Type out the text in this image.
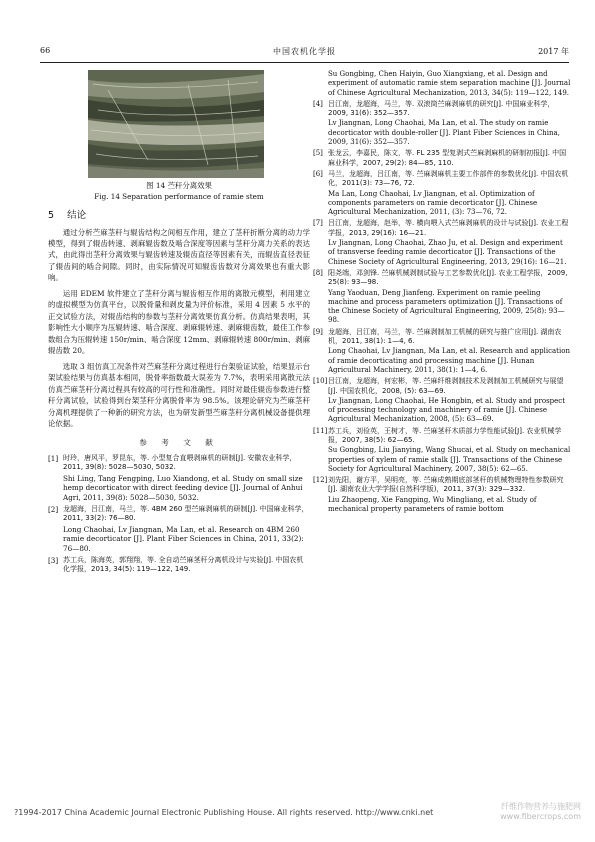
66	中国农机化学报	2017 年
图 14 苎秆分离效果
Fig. 14 Separation performance of ramie stem
5 结论

通过分析苎麻茎秆与辊齿结构之间相互作用，建立了茎秆折断分离的动力学模型，得到了辊齿转速、剥麻辊齿数及啮合深度等因素与茎秆分离力关系的表达式，由此得出茎秆分离效果与辊齿转速及辊齿直径等因素有关，而辊齿直径表征了辊齿间的啮合间隙。同时，由实际情况可知辊齿齿数对分离效果也有重大影响。

运用 EDEM 软件建立了茎秆分离与辊齿相互作用的离散元模型，利用建立的虚拟模型为仿真平台，以脱骨量和剥皮量为评价标准，采用 4 因素 5 水平的正交试验方法，对辊齿结构的参数与茎秆分离效果仿真分析。仿真结果表明，其影响性大小顺序为压辊转速、啮合深度、剥麻辊转速、剥麻辊齿数，最佳工作参数组合为压辊转速 150r/min、啮合深度 12mm、剥麻辊转速 800r/min、剥麻辊齿数 20。

选取 3 组仿真工况条件对苎麻茎秆分离过程进行台架验证试验，结果显示台架试验结果与仿真基本相同，脱骨率指数最大误差为 7.7%，表明采用离散元法仿真苎麻茎秆分离过程具有较高的可行性和准确性。同时对最佳辊齿参数进行整秆分离试验，试验得到台架茎秆分离脱骨率为 98.5%。该理论研究为苎麻茎秆分离机理提供了一种新的研究方法，也为研发新型苎麻茎秆分离机械设备提供理论依据。

参 考 文 献
[1] 时玲，唐风平，罗昆东，等. 小型复合直喂剥麻机的研制[J]. 安徽农业科学，2011, 39(8): 5028—5030, 5032.
Shi Ling, Tang Fengping, Luo Xiandong, et al. Study on small size hemp decorticator with direct feeding device [J]. Journal of Anhui Agri, 2011, 39(8): 5028—5030, 5032.
[2] 龙超海，吕江南，马兰，等. 4BM 260 型苎麻剥麻机的研制[J]. 中国麻业科学，2011, 33(2): 76—80.
Long Chaohai, Lv Jiangnan, Ma Lan, et al. Research on 4BM 260 ramie decorticator [J]. Plant Fiber Sciences in China, 2011, 33(2): 76—80.
[3] 苏工兵，陈海英，郭翔翔，等. 全自动苎麻茎秆分离机设计与实验[J]. 中国农机化学报，2013, 34(5): 119—122, 149.
Su Gongbing, Chen Haiyin, Guo Xiangxiang, et al. Design and experiment of automatic ramie stem separation machine [J]. Journal of Chinese Agricultural Mechanization, 2013, 34(5): 119—122, 149.
[4] 吕江南，龙超海，马兰，等. 双滚筒苎麻剥麻机的研究[J]. 中国麻业科学，2009, 31(6): 352—357.
Lv Jiangnan, Long Chaohai, Ma Lan, et al. The study on ramie decorticator with double-roller [J]. Plant Fiber Sciences in China, 2009, 31(6): 352—357.
[5] 张龙云，李嘉民，陈文，等. FL 235 型复剥式苎麻剥麻机的研制初报[J]. 中国麻业科学，2007, 29(2): 84—85, 110.
[6] 马兰，龙超海，吕江南，等. 苎麻剥麻机主要工作部件的参数优化[J]. 中国农机化，2011(3): 73—76, 72.
Ma Lan, Long Chaohai, Lv Jiangnan, et al. Optimization of components parameters on ramie decorticator [J]. Chinese Agricultural Mechanization, 2011, (3): 73—76, 72.
[7] 吕江南，龙超海，赵举，等. 横向喂入式苎麻剥麻机的设计与试验[J]. 农业工程学报，2013, 29(16): 16—21.
Lv Jiangnan, Long Chaohai, Zhao Ju, et al. Design and experiment of transverse feeding ramie decorticator [J]. Transactions of the Chinese Society of Agricultural Engineering, 2013, 29(16): 16—21.
[8] 阳尧端，邓剑锋. 苎麻机械剥制试验与工艺参数优化[J]. 农业工程学报，2009, 25(8): 93—98.
Yang Yaoduan, Deng Jianfeng. Experiment on ramie peeling machine and process parameters optimization [J]. Transactions of the Chinese Society of Agricultural Engineering, 2009, 25(8): 93—98.
[9] 龙超海，吕江南，马兰，等. 苎麻剥制加工机械的研究与推广应用[J]. 湖南农机，2011, 38(1): 1—4, 6.
Long Chaohai, Lv Jiangnan, Ma Lan, et al. Research and application of ramie decorticating and processing machine [J]. Hunan Agricultural Machinery, 2011, 38(1): 1—4, 6.
[10] 吕江南，龙超海，何宏彬，等. 苎麻纤维剥制技术及剥制加工机械研究与展望[J]. 中国农机化，2008, (5): 63—69.
Lv Jiangnan, Long Chaohai, He Hongbin, et al. Study and prospect of processing technology and machinery of ramie [J]. Chinese Agricultural Mechanization, 2008, (5): 63—69.
[11] 苏工兵，刘俭英，王树才，等. 苎麻茎秆木质部力学性能试验[J]. 农业机械学报，2007, 38(5): 62—65.
Su Gongbing, Liu Jianying, Wang Shucai, et al. Study on mechanical properties of xylem of ramie stalk [J]. Transactions of the Chinese Society for Agricultural Machinery, 2007, 38(5): 62—65.
[12] 刘先阳，谢方平，吴明亮，等. 苎麻成熟期底部茎秆的机械物理特性参数研究[J]. 湖南农业大学学报(自然科学版)，2011, 37(3): 329—332.
Liu Zhaopeng, Xie Fangping, Wu Mingliang, et al. Study of mechanical property parameters of ramie bottom
?1994-2017 China Academic Journal Electronic Publishing House. All rights reserved. http://www.cnki.net
纤维作物营养与施肥网
www.fibercrops.com
